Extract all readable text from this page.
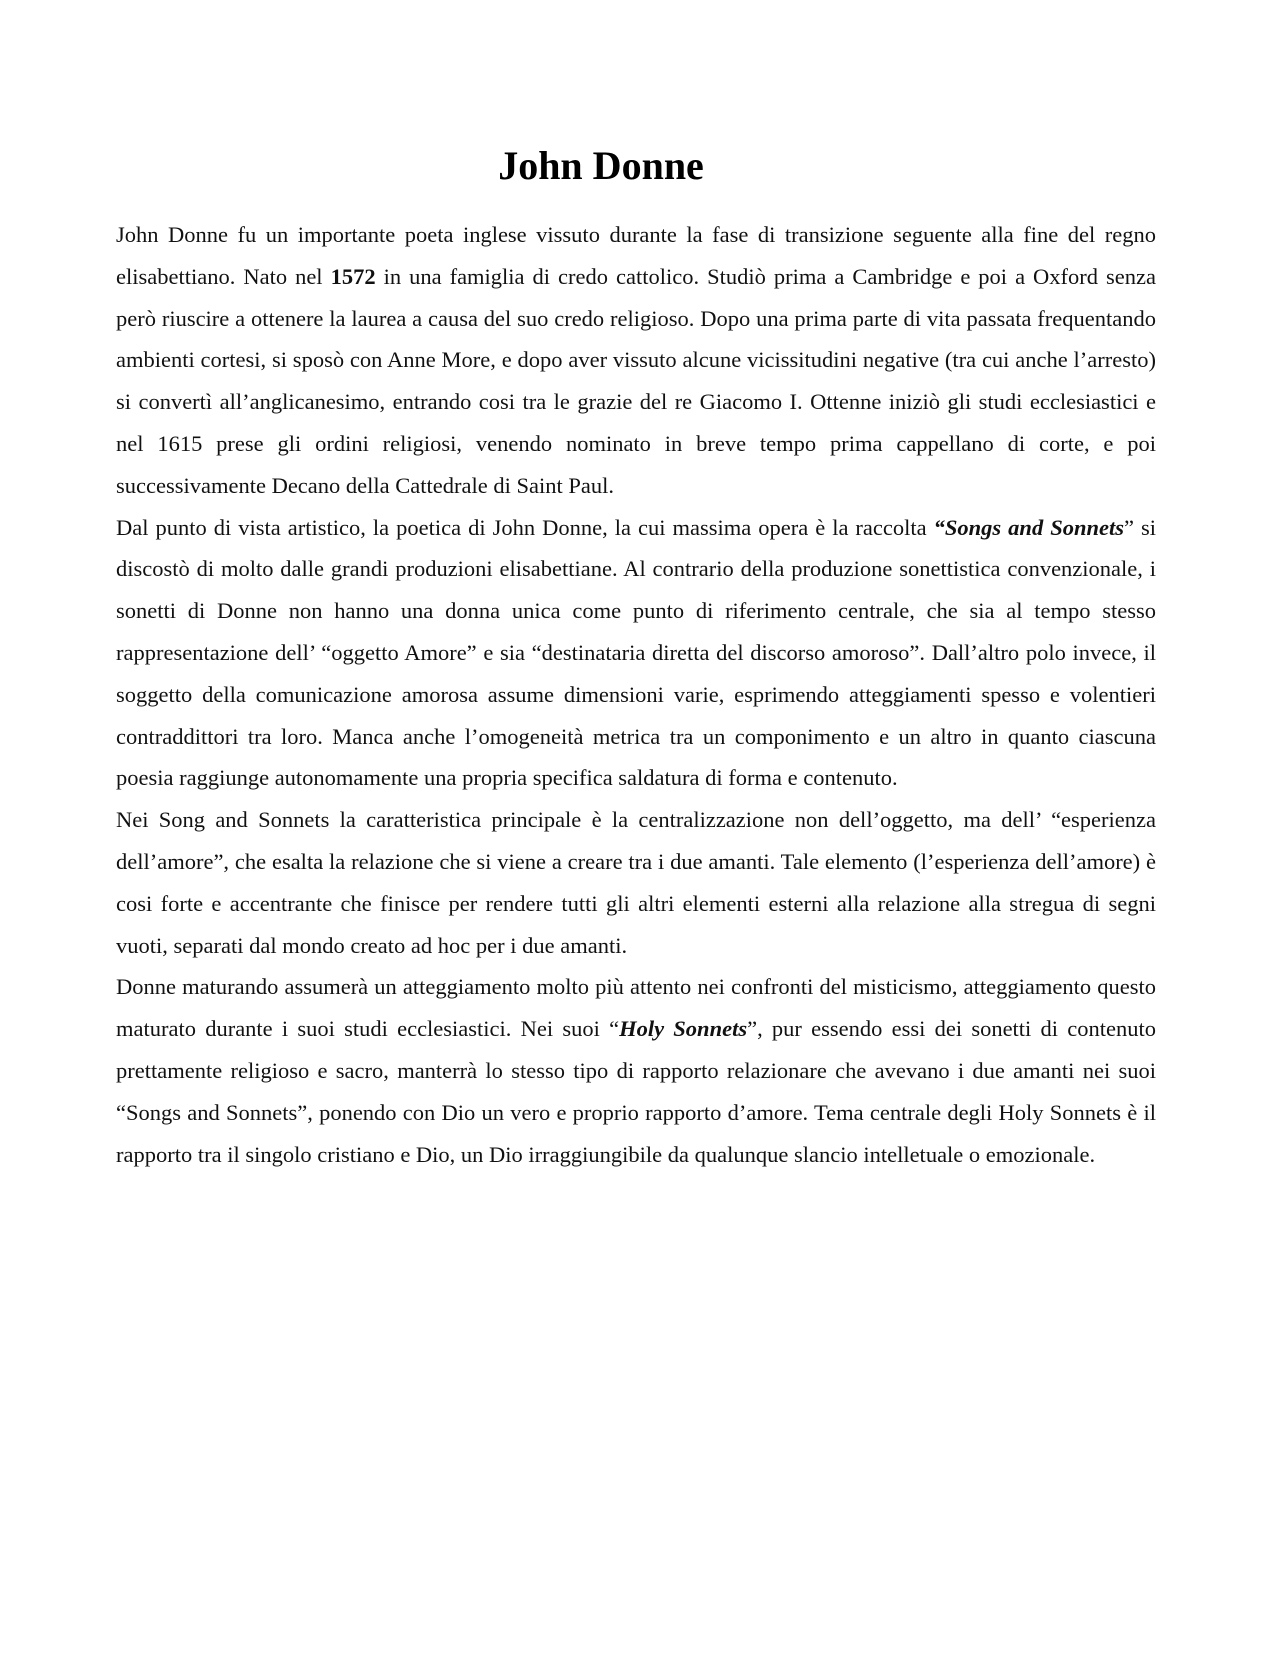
John Donne

John Donne fu un importante poeta inglese vissuto durante la fase di transizione seguente alla fine del regno elisabettiano. Nato nel 1572 in una famiglia di credo cattolico. Studiò prima a Cambridge e poi a Oxford senza però riuscire a ottenere la laurea a causa del suo credo religioso. Dopo una prima parte di vita passata frequentando ambienti cortesi, si sposò con Anne More, e dopo aver vissuto alcune vicissitudini negative (tra cui anche l’arresto) si convertì all’anglicanesimo, entrando cosi tra le grazie del re Giacomo I. Ottenne iniziò gli studi ecclesiastici e nel 1615 prese gli ordini religiosi, venendo nominato in breve tempo prima cappellano di corte, e poi successivamente Decano della Cattedrale di Saint Paul.

Dal punto di vista artistico, la poetica di John Donne, la cui massima opera è la raccolta “Songs and Sonnets” si discostò di molto dalle grandi produzioni elisabettiane. Al contrario della produzione sonettistica convenzionale, i sonetti di Donne non hanno una donna unica come punto di riferimento centrale, che sia al tempo stesso rappresentazione dell’ “oggetto Amore” e sia “destinataria diretta del discorso amoroso”. Dall’altro polo invece, il soggetto della comunicazione amorosa assume dimensioni varie, esprimendo atteggiamenti spesso e volentieri contraddittori tra loro. Manca anche l’omogeneità metrica tra un componimento e un altro in quanto ciascuna poesia raggiunge autonomamente una propria specifica saldatura di forma e contenuto.

Nei Song and Sonnets la caratteristica principale è la centralizzazione non dell’oggetto, ma dell’ “esperienza dell’amore”, che esalta la relazione che si viene a creare tra i due amanti. Tale elemento (l’esperienza dell’amore) è cosi forte e accentrante che finisce per rendere tutti gli altri elementi esterni alla relazione alla stregua di segni vuoti, separati dal mondo creato ad hoc per i due amanti.

Donne maturando assumerà un atteggiamento molto più attento nei confronti del misticismo, atteggiamento questo maturato durante i suoi studi ecclesiastici. Nei suoi “Holy Sonnets”, pur essendo essi dei sonetti di contenuto prettamente religioso e sacro, manterrà lo stesso tipo di rapporto relazionare che avevano i due amanti nei suoi “Songs and Sonnets”, ponendo con Dio un vero e proprio rapporto d’amore. Tema centrale degli Holy Sonnets è il rapporto tra il singolo cristiano e Dio, un Dio irraggiungibile da qualunque slancio intelletuale o emozionale.
